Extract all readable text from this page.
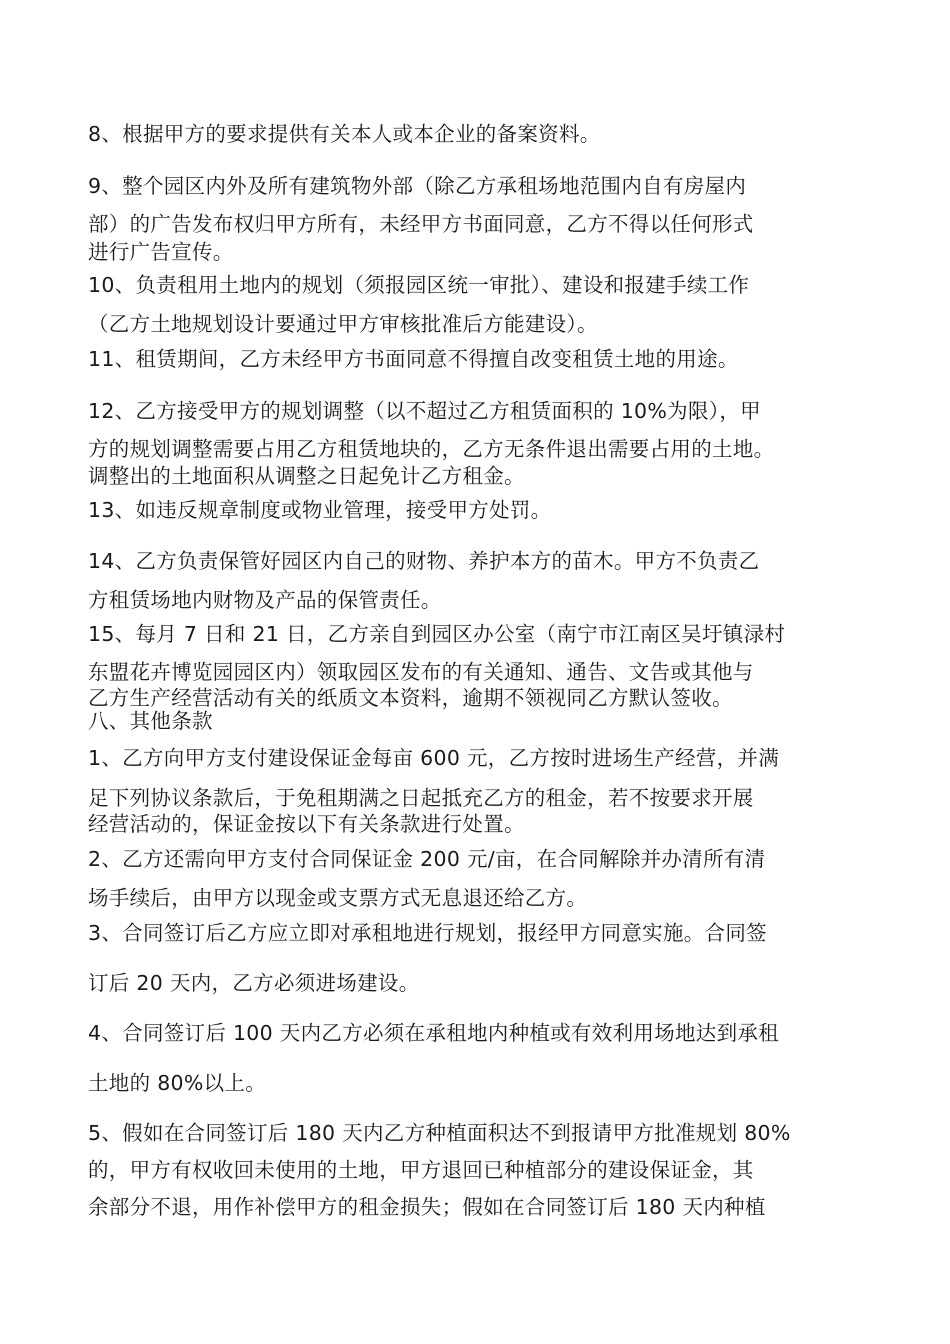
8、根据甲方的要求提供有关本人或本企业的备案资料。
9、整个园区内外及所有建筑物外部（除乙方承租场地范围内自有房屋内
部）的广告发布权归甲方所有，未经甲方书面同意，乙方不得以任何形式
进行广告宣传。
10、负责租用土地内的规划（须报园区统一审批）、建设和报建手续工作
（乙方土地规划设计要通过甲方审核批准后方能建设）。
11、租赁期间，乙方未经甲方书面同意不得擅自改变租赁土地的用途。
12、乙方接受甲方的规划调整（以不超过乙方租赁面积的 10%为限），甲
方的规划调整需要占用乙方租赁地块的，乙方无条件退出需要占用的土地。
调整出的土地面积从调整之日起免计乙方租金。
13、如违反规章制度或物业管理，接受甲方处罚。
14、乙方负责保管好园区内自己的财物、养护本方的苗木。甲方不负责乙
方租赁场地内财物及产品的保管责任。
15、每月 7 日和 21 日，乙方亲自到园区办公室（南宁市江南区吴圩镇渌村
东盟花卉博览园园区内）领取园区发布的有关通知、通告、文告或其他与
乙方生产经营活动有关的纸质文本资料，逾期不领视同乙方默认签收。
八、其他条款
1、乙方向甲方支付建设保证金每亩 600 元，乙方按时进场生产经营，并满
足下列协议条款后，于免租期满之日起抵充乙方的租金，若不按要求开展
经营活动的，保证金按以下有关条款进行处置。
2、乙方还需向甲方支付合同保证金 200 元/亩，在合同解除并办清所有清
场手续后，由甲方以现金或支票方式无息退还给乙方。
3、合同签订后乙方应立即对承租地进行规划，报经甲方同意实施。合同签
订后 20 天内，乙方必须进场建设。
4、合同签订后 100 天内乙方必须在承租地内种植或有效利用场地达到承租
土地的 80%以上。
5、假如在合同签订后 180 天内乙方种植面积达不到报请甲方批准规划 80%
的，甲方有权收回未使用的土地，甲方退回已种植部分的建设保证金，其
余部分不退，用作补偿甲方的租金损失；假如在合同签订后 180 天内种植
